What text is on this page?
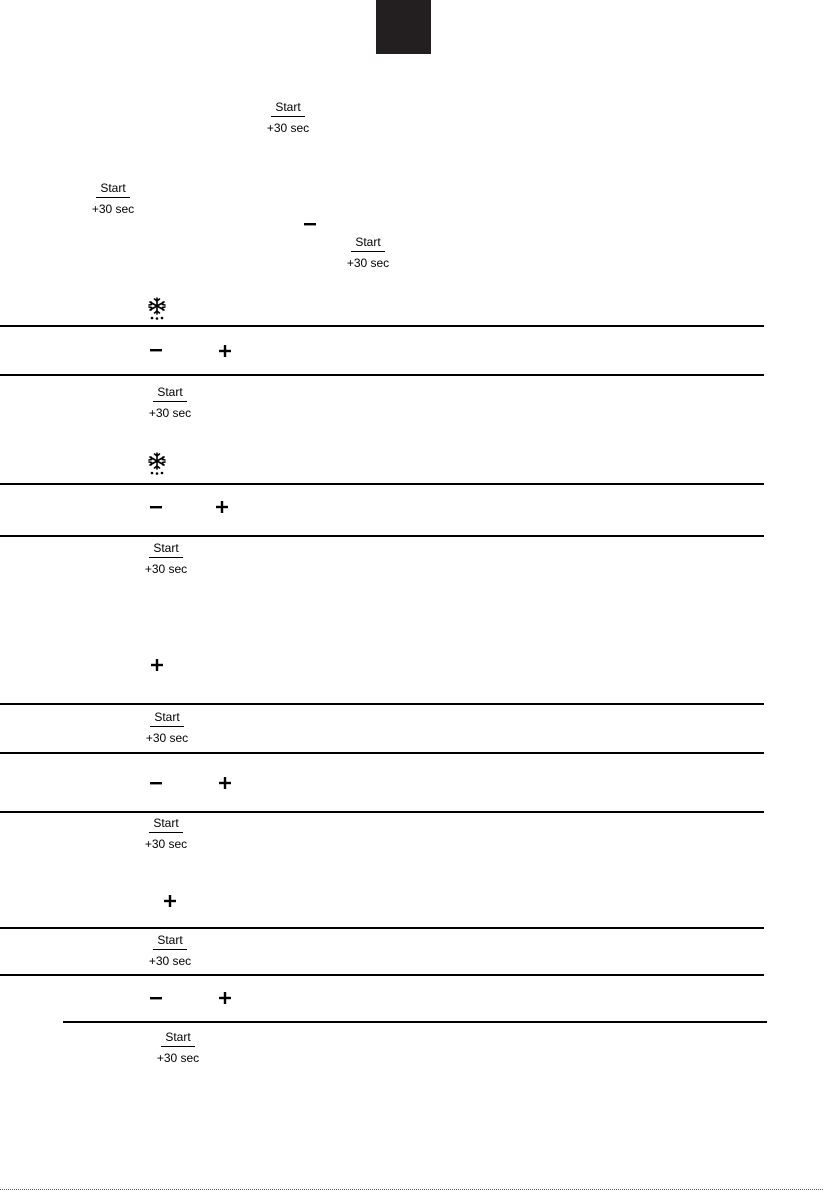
Start
+30 sec
Start
+30 sec
Start
+30 sec
Start
+30 sec
Start
+30 sec
Start
+30 sec
Start
+30 sec
Start
+30 sec
Start
+30 sec
